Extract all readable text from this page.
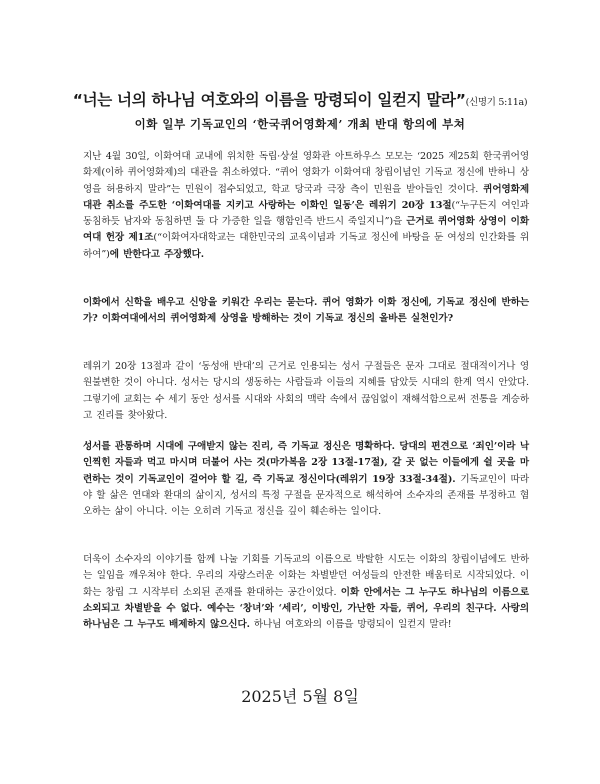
“너는 너의 하나님 여호와의 이름을 망령되이 일컫지 말라”(신명기 5:11a)
이화 일부 기독교인의 ‘한국퀴어영화제’ 개최 반대 항의에 부쳐
지난 4월 30일, 이화여대 교내에 위치한 독립·상설 영화관 아트하우스 모모는 ‘2025 제25회 한국퀴어영화제(이하 퀴어영화제)의 대관을 취소하였다. “퀴어 영화가 이화여대 창립이념인 기독교 정신에 반하니 상영을 허용하지 말라”는 민원이 접수되었고, 학교 당국과 극장 측이 민원을 받아들인 것이다. 퀴어영화제 대관 취소를 주도한 ‘이화여대를 지키고 사랑하는 이화인 일동’은 레위기 20장 13절(“누구든지 여인과 동침하듯 남자와 동침하면 둘 다 가증한 일을 행함인즉 반드시 죽일지니”)을 근거로 퀴어영화 상영이 이화여대 헌장 제1조(“이화여자대학교는 대한민국의 교육이념과 기독교 정신에 바탕을 둔 여성의 인간화를 위하여”)에 반한다고 주장했다.
이화에서 신학을 배우고 신앙을 키워간 우리는 묻는다. 퀴어 영화가 이화 정신에, 기독교 정신에 반하는가? 이화여대에서의 퀴어영화제 상영을 방해하는 것이 기독교 정신의 올바른 실천인가?
레위기 20장 13절과 같이 ‘동성애 반대’의 근거로 인용되는 성서 구절들은 문자 그대로 절대적이거나 영원불변한 것이 아니다. 성서는 당시의 생동하는 사람들과 이들의 지혜를 담았듯 시대의 한계 역시 안았다. 그렇기에 교회는 수 세기 동안 성서를 시대와 사회의 맥락 속에서 끊임없이 재해석함으로써 전통을 계승하고 진리를 찾아왔다.
성서를 관통하며 시대에 구애받지 않는 진리, 즉 기독교 정신은 명확하다. 당대의 편견으로 ‘죄인’이라 낙인찍힌 자들과 먹고 마시며 더불어 사는 것(마가복음 2장 13절-17절), 갈 곳 없는 이들에게 쉴 곳을 마련하는 것이 기독교인이 걸어야 할 길, 즉 기독교 정신이다(레위기 19장 33절-34절). 기독교인이 따라야 할 삶은 연대와 환대의 삶이지, 성서의 특정 구절을 문자적으로 해석하여 소수자의 존재를 부정하고 혐오하는 삶이 아니다. 이는 오히려 기독교 정신을 깊이 훼손하는 일이다.
더욱이 소수자의 이야기를 함께 나눌 기회를 기독교의 이름으로 박탈한 시도는 이화의 창립이념에도 반하는 일임을 깨우쳐야 한다. 우리의 자랑스러운 이화는 차별받던 여성들의 안전한 배움터로 시작되었다. 이화는 창립 그 시작부터 소외된 존재를 환대하는 공간이었다. 이화 안에서는 그 누구도 하나님의 이름으로 소외되고 차별받을 수 없다. 예수는 ‘창녀’와 ‘세리’, 이방인, 가난한 자들, 퀴어, 우리의 친구다. 사랑의 하나님은 그 누구도 배제하지 않으신다. 하나님 여호와의 이름을 망령되이 일컫지 말라!
2025년 5월 8일
